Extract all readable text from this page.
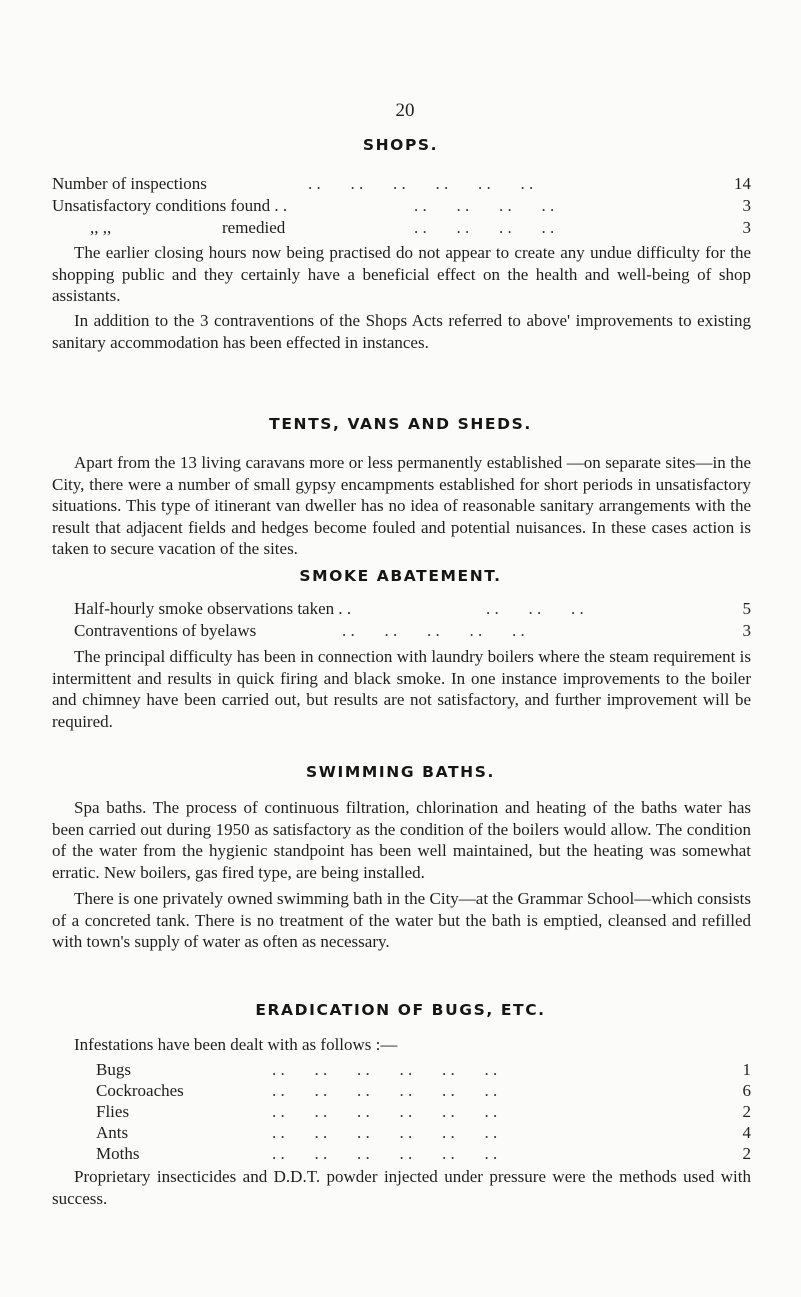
20
SHOPS.
Number of inspections	. .       . .       . .       . .       . .       . .	14
Unsatisfactory conditions found . .	. .       . .       . .       . .	3
,, ,,	remedied	. .       . .       . .       . .	3
The earlier closing hours now being practised do not appear to create any undue difficulty for the shopping public and they certainly have a beneficial effect on the health and well-being of shop assistants.
In addition to the 3 contraventions of the Shops Acts referred to above' improvements to existing sanitary accommodation has been effected in instances.
TENTS, VANS AND SHEDS.
Apart from the 13 living caravans more or less permanently established —on separate sites—in the City, there were a number of small gypsy encampments established for short periods in unsatisfactory situations. This type of itinerant van dweller has no idea of reasonable sanitary arrangements with the result that adjacent fields and hedges become fouled and potential nuisances. In these cases action is taken to secure vacation of the sites.
SMOKE ABATEMENT.
Half-hourly smoke observations taken . .	. .       . .       . .	5
Contraventions of byelaws	. .       . .       . .       . .       . .	3
The principal difficulty has been in connection with laundry boilers where the steam requirement is intermittent and results in quick firing and black smoke. In one instance improvements to the boiler and chimney have been carried out, but results are not satisfactory, and further improvement will be required.
SWIMMING BATHS.
Spa baths. The process of continuous filtration, chlorination and heating of the baths water has been carried out during 1950 as satisfactory as the condition of the boilers would allow. The condition of the water from the hygienic standpoint has been well maintained, but the heating was somewhat erratic. New boilers, gas fired type, are being installed.
There is one privately owned swimming bath in the City—at the Grammar School—which consists of a concreted tank. There is no treatment of the water but the bath is emptied, cleansed and refilled with town's supply of water as often as necessary.
ERADICATION OF BUGS, ETC.
Infestations have been dealt with as follows :—
Bugs	. .       . .       . .       . .       . .       . .	1
Cockroaches	. .       . .       . .       . .       . .       . .	6
Flies	. .       . .       . .       . .       . .       . .	2
Ants	. .       . .       . .       . .       . .       . .	4
Moths	. .       . .       . .       . .       . .       . .	2
Proprietary insecticides and D.D.T. powder injected under pressure were the methods used with success.
